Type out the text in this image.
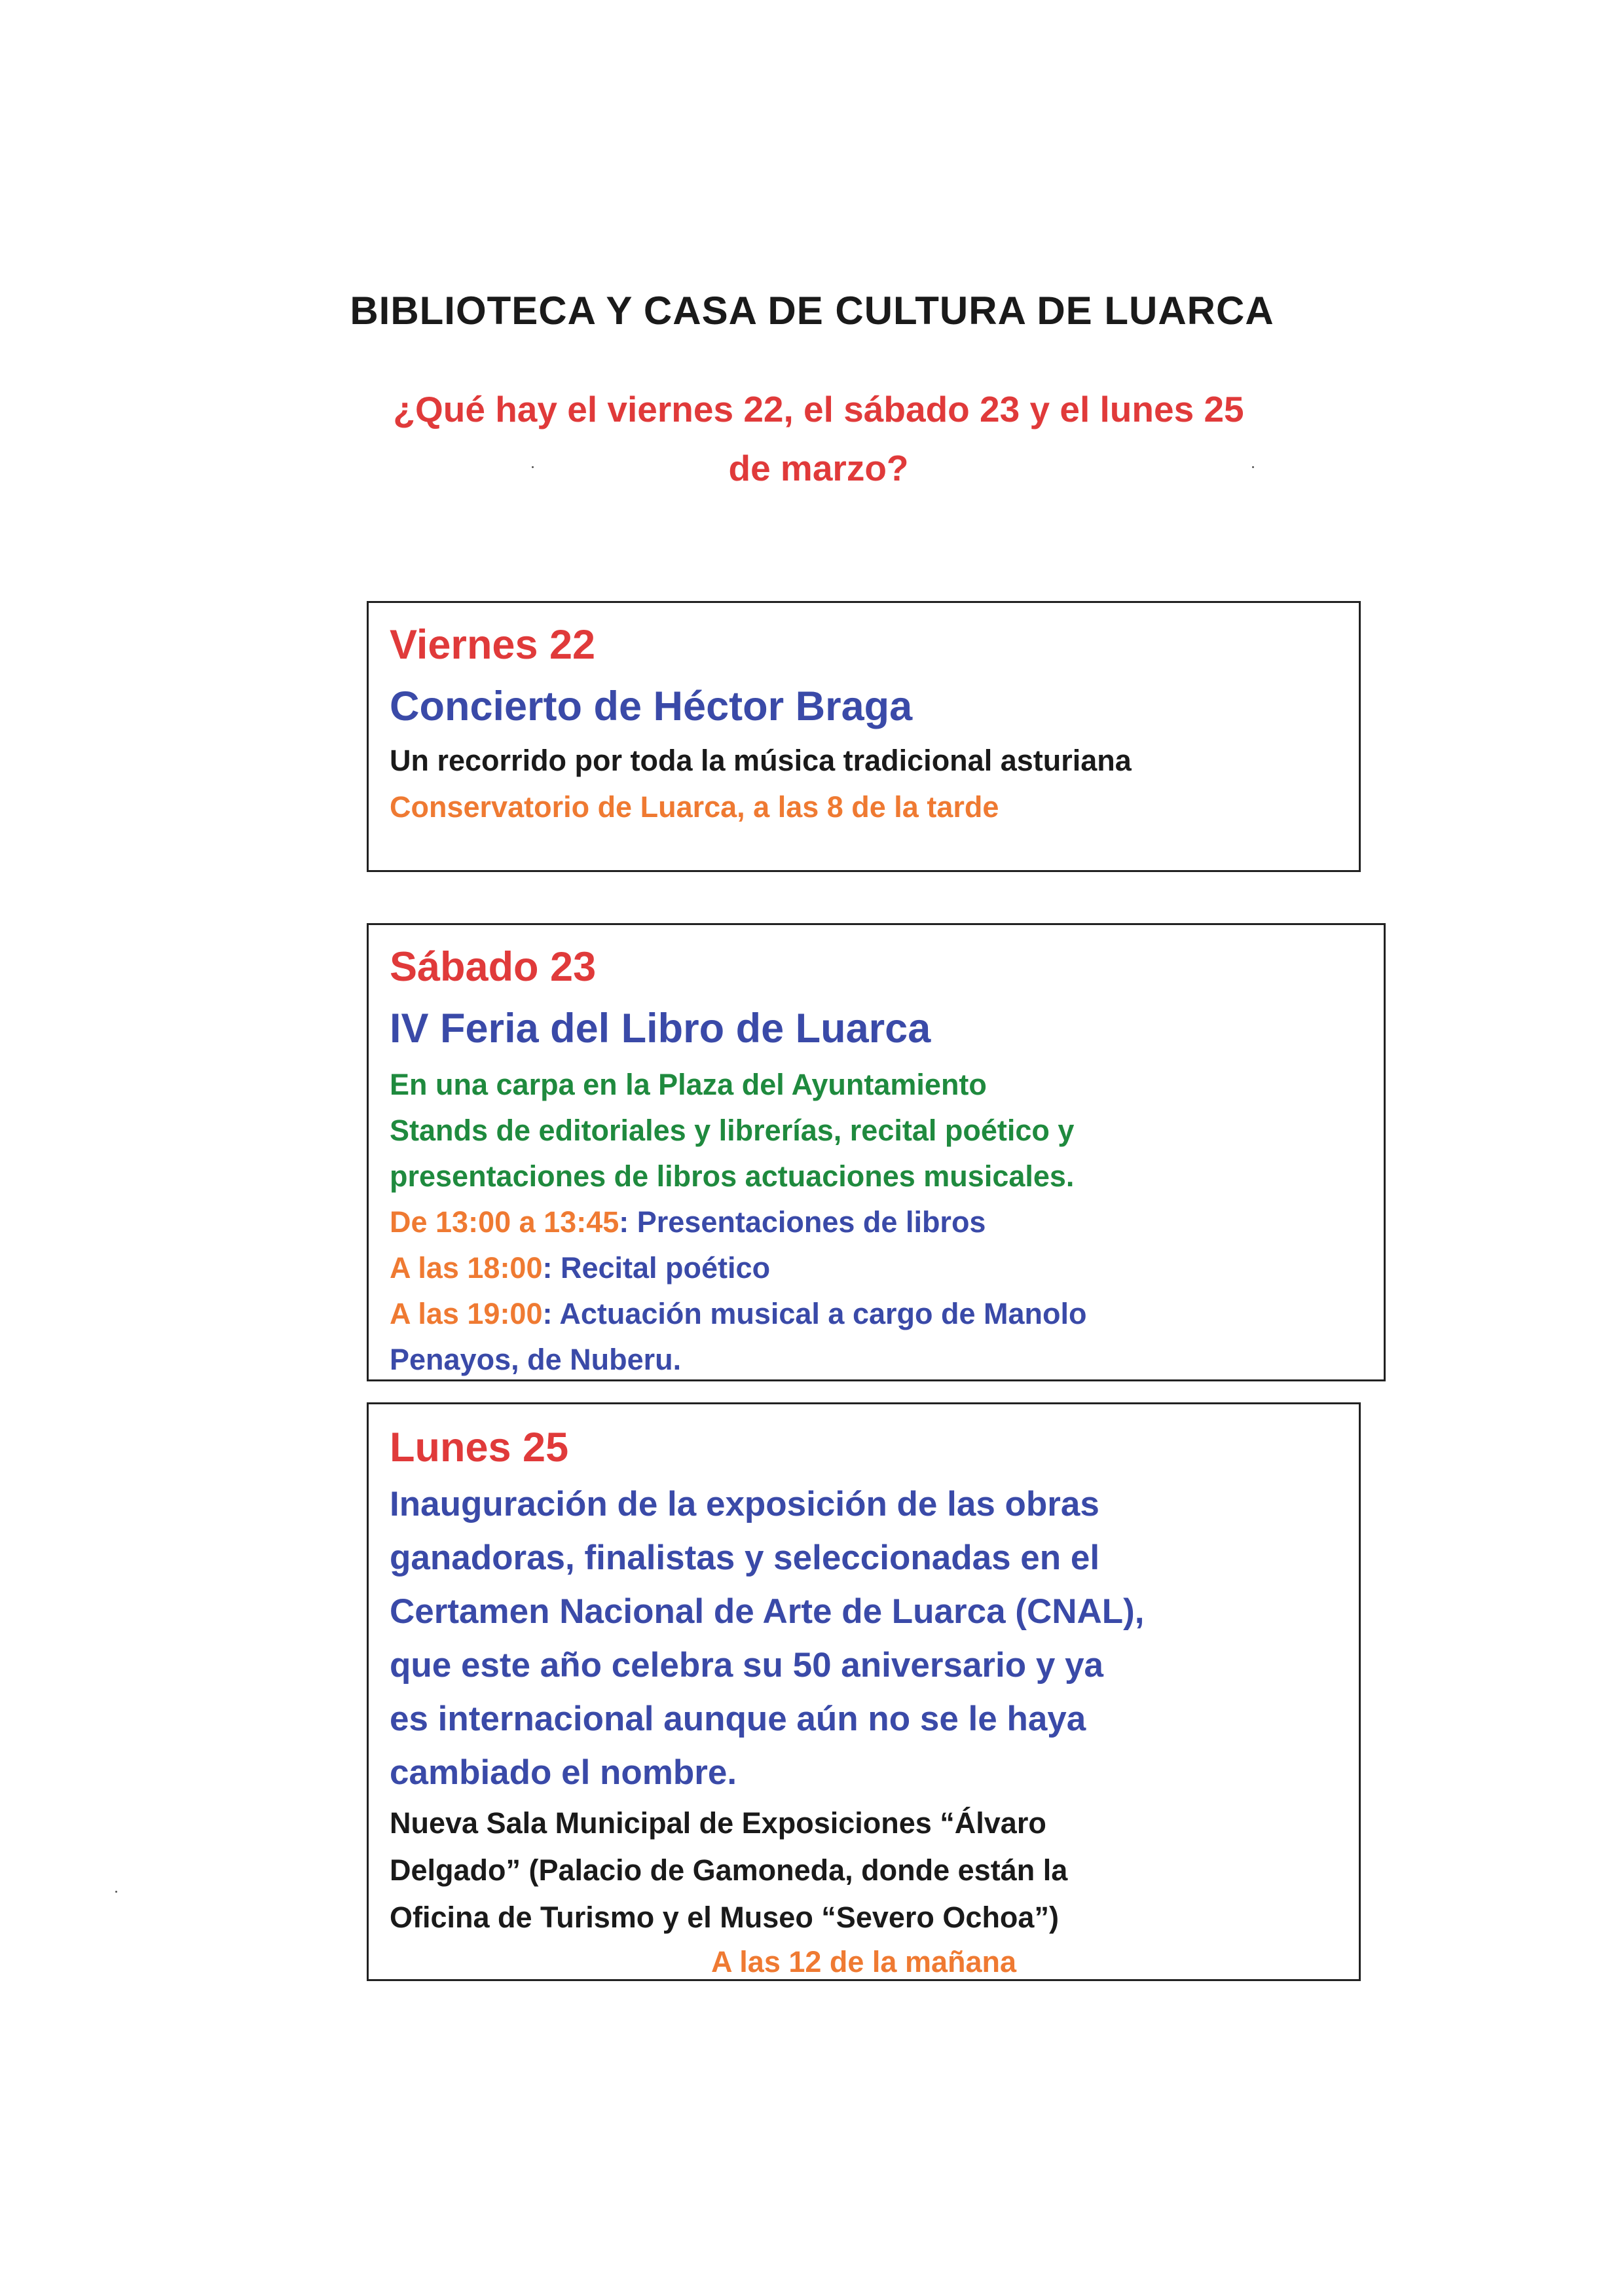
BIBLIOTECA Y CASA DE CULTURA DE LUARCA
¿Qué hay el viernes 22, el sábado 23 y el lunes 25
de marzo?
Viernes 22
Concierto de Héctor Braga
Un recorrido por toda la música tradicional asturiana
Conservatorio de Luarca, a las 8 de la tarde
Sábado 23
IV Feria del Libro de Luarca
En una carpa en la Plaza del Ayuntamiento
Stands de editoriales y librerías, recital poético y
presentaciones de libros actuaciones musicales.
De 13:00 a 13:45: Presentaciones de libros
A las 18:00: Recital poético
A las 19:00: Actuación musical a cargo de Manolo
Penayos, de Nuberu.
Lunes 25
Inauguración de la exposición de las obras
ganadoras, finalistas y seleccionadas en el
Certamen Nacional de Arte de Luarca (CNAL),
que este año celebra su 50 aniversario y ya
es internacional aunque aún no se le haya
cambiado el nombre.
Nueva Sala Municipal de Exposiciones “Álvaro
Delgado” (Palacio de Gamoneda, donde están la
Oficina de Turismo y el Museo “Severo Ochoa”)
A las 12 de la mañana
